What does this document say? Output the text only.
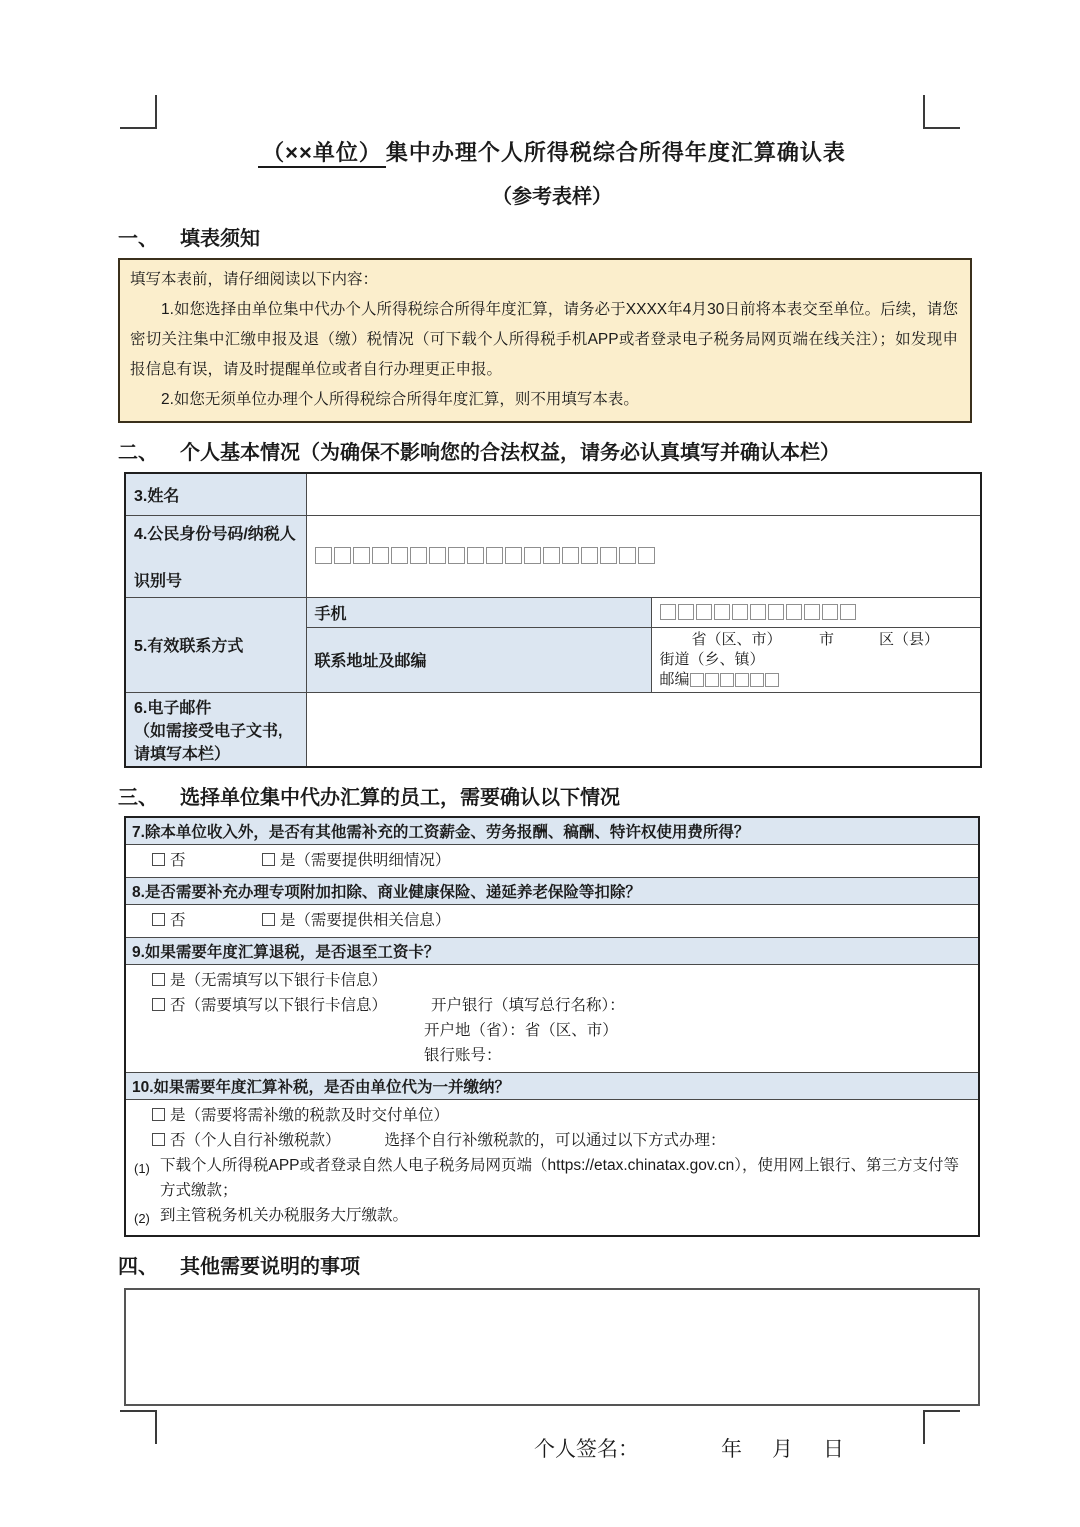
（××单位） 集中办理个人所得税综合所得年度汇算确认表
（参考表样）
一、	填表须知

填写本表前，请仔细阅读以下内容：

1.如您选择由单位集中代办个人所得税综合所得年度汇算，请务必于XXXX年4月30日前将本表交至单位。后续，请您密切关注集中汇缴申报及退（缴）税情况（可下载个人所得税手机APP或者登录电子税务局网页端在线关注）；如发现申报信息有误，请及时提醒单位或者自行办理更正申报。

2.如您无须单位办理个人所得税综合所得年度汇算，则不用填写本表。

二、	个人基本情况（为确保不影响您的合法权益，请务必认真填写并确认本栏）
3.姓名		

4.公民身份号码/纳税人
识别号		

5.有效联系方式	手机	
	联系地址及邮编	省（区、市）　　　市　　　区（县）
街道（乡、镇）
邮编

6.电子邮件
（如需接受电子文书,
请填写本栏）		

三、	选择单位集中代办汇算的员工，需要确认以下情况
7.除本单位收入外，是否有其他需补充的工资薪金、劳务报酬、稿酬、特许权使用费所得？
否	是（需要提供明细情况）
8.是否需要补充办理专项附加扣除、商业健康保险、递延养老保险等扣除？
否	是（需要提供相关信息）
9.如果需要年度汇算退税，是否退至工资卡？
是（无需填写以下银行卡信息）
否（需要填写以下银行卡信息）	开户银行（填写总行名称）：
开户地（省）：省（区、市）
银行账号：
10.如果需要年度汇算补税，是否由单位代为一并缴纳？
是（需要将需补缴的税款及时交付单位）
否（个人自行补缴税款）	选择个自行补缴税款的，可以通过以下方式办理：
(1) 下载个人所得税APP或者登录自然人电子税务局网页端（https://etax.chinatax.gov.cn），使用网上银行、第三方支付等方式缴款；
(2) 到主管税务机关办税服务大厅缴款。
四、	其他需要说明的事项
个人签名：	年 月 日
